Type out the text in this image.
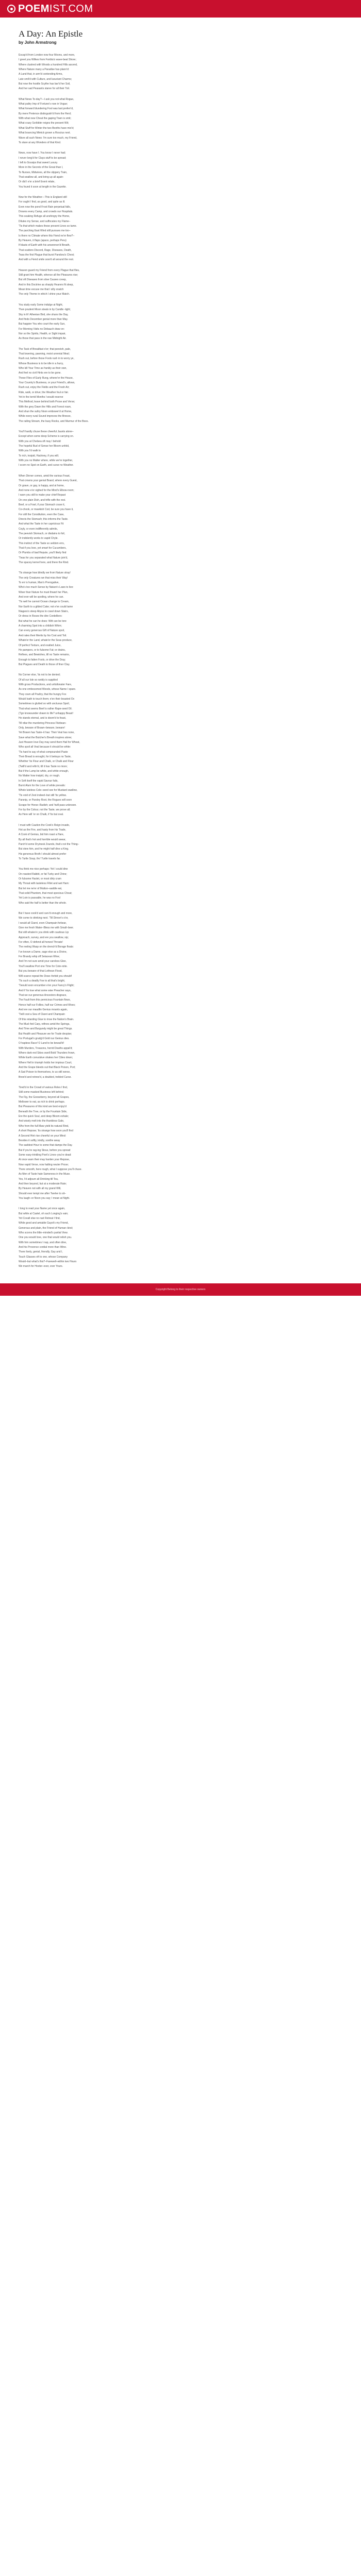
POEMIST.COM
A Day: An Epistle
by John Armstrong
Escap'd from London now four Moons, and more,
I greet you Wilkes from Fonbla's wave-beat Shore;
Where clustred with Woods a hundred Hills ascend,
Where Nature many a Paradise has plann'd:
A Land that, in arm'd contending Arms,
Late smil'd with Culture, and luxuriant Charms;
But now the hostile Scythe has bar'd her Soil,
And her sad Peasants starve for all their Toil.
What News To-day?—I ask you not what Rogue,
What paltry Imp of Fortune's now in Vogue;
What forward blundering Fool was last preferr'd,
By mere Pretence distinguish'd from the Herd;
With what new Cheat the gaping Town is smit;
What crazy Scribbler reigns the present Wit;
What Stuff for Winter the two Booths have mix'd;
What bouncing Mimick grown a Roscius next.
Wave all such News: I'm sure too much, my Friend,
To stare at any Wonders of that Kind.
News, now have I. You know I never had;
I never long'd for Clays stuff to be spread;
I left to Gossips that sweet Luxury.
More in the Secrets of the Great than I,
To Nurses, Midwives, all the slippery Train,
That swallow all, and bring up all again:
Or did I e'er a brief Event relate,
You found it soon at length in the Gazette.
Now for the Weather—This is England still
For ought I find, as good, and quite as ill.
Even now the pond Frost Rain perpetual falls,
Drowns every Camp, and crowds our Hospitals.
This soaking Refuge all unshingry the Home,
Dilutes my Sense, and suffocates my Flame–
'Tis that which makes these present Lines so tame.
The parching East Wind still pursues me too–
Is there no Climate where this Fiend ne'er flew?–
By Heaven, it flaps (apace, perhaps Peru)
If blasts of Earth with his unwonnon'd Breath,
That scatters Discord, Rage, Diseases, Death,
Twas the first Plague that burst Pandora's Chest;
And with a Fiend smile sow'd all around the rest.
Heaven guard my Friend from every Plague that flies,
Still grant him Health, whence all the Pleasures rise;
But oft Diseases from slow Causes creep,
And in this Doctrine as sharply Hearers fit sleep,
Mean time excuse me that I silly snatch
The only Theme in which I shine your Match.
You study early Some indulge at Night,
Then prudent Moon steals in by Candle -light;
Sky in th' Athenian Bird, she shuns the Day,
And finds December genial more than May.
But happier You who court the early Sun,
For Morning Visits no Debauch draw on:
Nor so the Spirits, Health, or Sight impair,
As those that pass in the raw Midnight Air.
The Task of Breakfast o'er; that peevish, pale,
That lowering, pawning, moist unrenial Meal;
Rush out, before those Fools rush in to worry ye,
Whose Business is to be idle in a hurry,
Who kill Your Time as frankly as their own,
And feel no civil Hints ere to be gone.
These Flies of Early Rung, whene'er the House,
Your Country's Business, or your Friend's, allows,
Rush out, enjoy the Fields and the Fresh Air;
Ride, walk, or drive; the Weather foul or fair.
Yet in the torrid Months I would reserve
This Method, leave behind both Prose and Verse;
With the grey Dawn the Hills and Forest roam,
And shun the sultry Noon embower'd at Home,
While every rural Sound improves the Breeze,
The railing Stream, the busy Rooks, and Murmur of the Bees.
You'll hardly chuse these cheerful Jaunts alone–
Except when some deep Scheme is carrying on.
With you at Chelsea oft may I behold
The hopeful Bud of Sense her Bloom unfold,
With you I'd walk to
To rich, insipid, Hackney, if you will;
With you no Matter where, while we're together,
I scorn no Spot on Earth, and curse no Weather.
When Dinner comes, amid the various Feast,
That crowns your genial Board, where every Guest,
Or grave, or gay, is happy, and at home,
And none e'er sighed for the Mind's Elbow-room;
I warn you still to make your chief Repast
On one plain Dish, and trifle with the rest.
Beef, or a Fowl, if your Stomach crave it,
Co-chook, or mawkish Cod, be sure you have it,
For still the Constitution, even the Case,
Directs the Stomach; this informs the Taste.
And what the Taste in her capricious Fit
Coyly, or even indifferently admits,
The peevish Stomach, or disdains to foil,
Or indolently works to vapid Chyle.
This instinct of the Taste so seldom errs,
That if you love, yet smart for Cucumbers,
Or Plumbs of bad Repute, you'll likely find
'Twas for you separated what Nature join'd,
The spacey kernel here, and there the Rind.
'Tis strange how blindly we from Nature stray!
The only Creatures we that miss their Way!
To err is human, Man's Prerogative,
Who's too much Sense by Nature's Laws to live:
Wiser than Nature he must thwart her Plan,
And ever will be spoiling, where he can.
'Tis well he cannot Ocean change to Cream,
Nor Earth to a gilded Cake; not e'en could tame
Niagara's steep Abyss to crawl down Stairs,
Or dress in Roses the dire Cordelliers:
But what he can he does: Witt can be tore
A charming Spot into a childish Whim;
Can every generous Gift of Nature spoil,
And rates their Merits by his Cost and Toil.
Whate'er the Land, whate'er the Seas produce,
Of perfect Texture, and exalted Juice,
He pampers, or to fulsome Fat; or drains,
Refines, and Bewishes, till no Taste remains,
Enough to fatten Fools, or drive the Dray;
But Plagues and Death to those of finer Clay.
No Corner else, 'tis not to be denied;
Of all our Isle so rankly is supplied
With gross Productions, and unfullonater Fare,
As one embosomed Woods, whose Name I spare.
They cram all Poultry, that the hungry Fox
Would loath to touch them; e'en their boasted Ox
Sometimes is glutted so with unctuous Spoil,
That what seems Beef is rather Rape-seed Oil.
(Tgn knowsunder drawn to life? unhappy Beast!
He stands eternal, and is doom'd to feast,
Till rdiar the murdering Princess Fitzbean-
Only, beware of Brawn–beware, beware!
Yet Brawn has Taste–it has: Their Veal has none,
Save what the Butcher's Breath inspires alone;
Just Heaven Iove Day may send them Hail for Wheat,
Who spoil all Veal because it should be white:
'Tis hard to say of what compounded Paste
Their Bread is wrought, for it betrays no Taste,
Whether 'tis Flour and Chalk, or Chalk and Flour
(Twill'd and refin'd, till it has Taste no more;
But if the Lump be white, and white enough,
No Matter how insipid, dry, or rough.
In Soft itself the vapid Savour fails,
Burnt Alum for the Love of white prevails:
Whole luteless Cole–seed see for Mustard swallow,
'Tis void of Zest indeed–but still 'tis yellow.
Parsnip, or Parsley Root, the Rogues will soon
Scrape for Horse–Radish; and 'twill pass unknown.
For by the Colour, not the Taste, we prove all;
As Here will 'er on Chalk, if 'tis but oval.
I must with Caution the Cook's Reign invade,
Hot as the Fire, and hasty from his Trade,
A Cook of Genius, bid him roast a Hare,
By all that's hot and horrible would swear,
Parch'd some Dryinesk Zounds, that's not the Thing–
But stew him, and he might half dine a King.
His generous Broth I should almost prefer
To Turtle Soup, tho' Turtle travels far.
You think me nice perhaps: Yet I could dine
On roasted Rabbit, or fat Turky and Chine;
Or fulsome Haslet, or most dirty cram
My Throat with tasteless Fillet and wet Ham:
But let me ne'er of Mutton–saddle eat,
That solid Phantom, that most specious Cheat;
Yet Loin is passable, he was no Fool
Who said the half is better than the whole.
But I have cook'd and carv'd enough and more,
We come to drinking next. 'Till Dinner's o'er,
I would all Claret, even Champain forbear,
Give me fresh Water–Bless me with Small–beer.
But still whatev'e you drink with cautious Lip
Approach, survey, and ere you swallow, sip;
For often, O defend all honest Throats!
The reeling Wasp on the drench'd Borage floats:
I've known a Dame, sage else as a Divine,
For Brandy whip off Setacean Wine;
And I'm not sure amid your careless Glee,
You'll swallow Port one Time for Cote-rotie.
But you beware of that Lethean Flood,
Will scarce repeat the Dose–forbid you should!
'Tis such a deadly Foe to all that's bright,
'Twould soon encumber e'en your Fancy's Flight;
And if 'tis true what some wise Preacher says,
That we our generous Ancestors disgrace,
The Fault from this pernicious Fountain flows,
Hence half our Follies, half our Crimes and Woes;
And ere our maudlin Genius mounts again,
'Twill cost a Sea of Claret and Champain
Of this retarding Glue to rinse the Nation's Brain.
The Mud–fed Carp, refines amid the Springs,
And Time and Burgundy might be great Things.
But Health and Pleasure we for Trade despise;
For Portugal's grudg'd Gold our Genius dies.
O hapless Race! O Land to be bewail'd!
With Murders, Treasons, horrid Deaths appal'd;
Where dark-red Skies swell Bold Thunders frown,
While Earth convulsive shakes her Cities down;
Where Hell in triumph holds her impious Court,
And the Grape bleeds out that Black Poison, Port;
A Sad Poison to themselves, to us still worse,
Brew'd and retrew'd, a doubled, trebled Curse.
Tired'd in the Crowd of various Roles I find,
Still some masked Business left behind;
The Fig, the Gooseberry, beyond all Grapes,
Mellower to eat, as rich to drink perhaps.
But Pleasures of this kind are best enjoy'd
Beneath the Tree, or by the Fountain Side,
Ere the quick Soul, and deep Bloom exhale;
And wisely melt into the thankless Gale,
Who from the full Maw yield its natural Rind,
A short Repose; 'tis strange how soon you'll find
A Second Hint rise cheerful on your Mind:
Besides it softly, kindly, soothe away
The saddest Hour to some that damps the Day.
But if you're rag-ing Stous, before you spread
Some easy-trinkling Poet's Lines–you're dead:
At once warn their may harden your Repose,
Now vapid Verse, now halting neuter Prose;
There smooth, here rough, what I suppose you'll chuse.
As Men of Taste hate Sameness in the Muse.
Yes, I'd adjourn all Drinking till Tea,
And then beyond, but at a moderate Rate;
By Heaven not with all my grand Will,
Should ever tempt me after Twelve to sit–
You laugh–or Noon you say; I mean at Night.
I long to read your Name yet once again,
But while at Castel, oh such Longing's vain;
Yet Covall else no rast Retreat I find,
While good and amiable Gayot's my Friend,
Generous and plain, the Friend of Human–kind;
Who scorns the little–minded's partial View.
One you would love, one that would relish you.
With him sometimes I nap, and often dine,
And his Provence cordial more than Wine.
There lively, genial, friendly, Gay and I,
Touch Glasses oft to one, whose Company
Would–but what's this?–Farewell–within two Hours
We march for Hoxter–ever, ever Yours.
Copyright Belong to their respective owners
